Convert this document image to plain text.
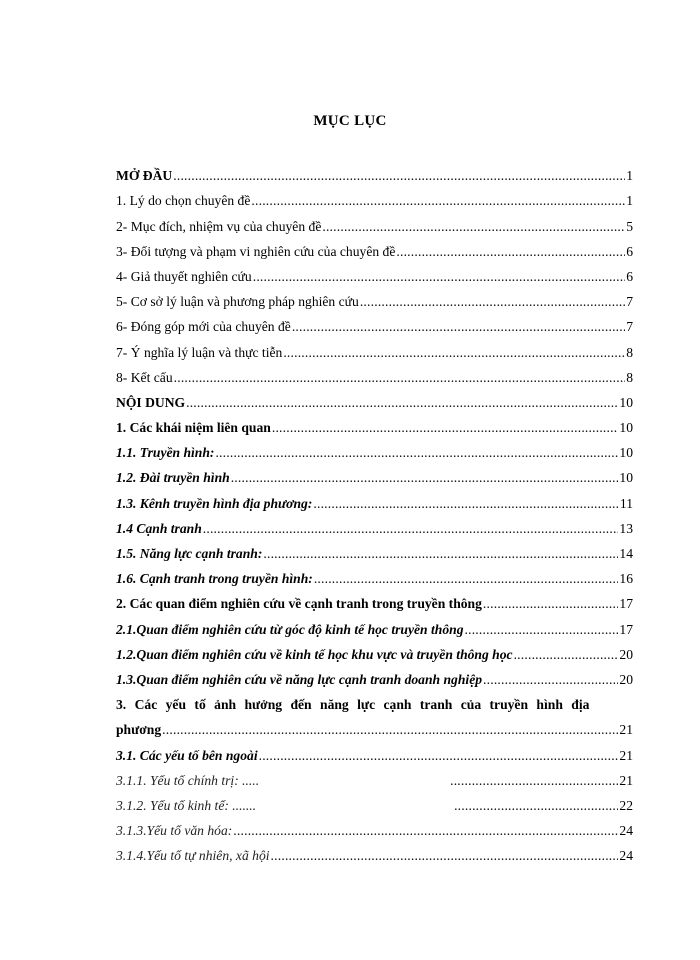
MỤC LỤC
MỞ ĐẦU .....	1
1. Lý do chọn chuyên đề .....	1
2- Mục đích, nhiệm vụ của chuyên đề .....	5
3- Đối tượng và phạm vi nghiên cứu của chuyên đề .....	6
4- Giả thuyết nghiên cứu .....	6
5- Cơ sở lý luận và phương pháp nghiên cứu .....	7
6- Đóng góp mới của chuyên đề .....	7
7- Ý nghĩa lý luận và thực tiễn .....	8
8- Kết cấu .....	8
NỘI DUNG .....	10
1. Các khái niệm liên quan .....	10
1.1. Truyền hình: .....	10
1.2. Đài truyền hình .....	10
1.3. Kênh truyền hình địa phương: .....	11
1.4 Cạnh tranh .....	13
1.5. Năng lực cạnh tranh: .....	14
1.6. Cạnh tranh trong truyền hình: .....	16
2. Các quan điểm nghiên cứu về cạnh tranh trong truyền thông .....	17
2.1.Quan điểm nghiên cứu từ góc độ kinh tế học truyền thông .....	17
1.2.Quan điểm nghiên cứu về kinh tế học khu vực và truyền thông học .....	20
1.3.Quan điểm nghiên cứu về năng lực cạnh tranh doanh nghiệp .....	20
3. Các yếu tố ảnh hưởng đến năng lực cạnh tranh của truyền hình địa
phương .....	21
3.1. Các yếu tố bên ngoài .....	21
3.1.1. Yếu tố chính trị: ..... .....	21
3.1.2. Yếu tố kinh tế: ....... .....	22
3.1.3.Yếu tố văn hóa: .....	24
3.1.4.Yếu tố tự nhiên, xã hội .....	24
